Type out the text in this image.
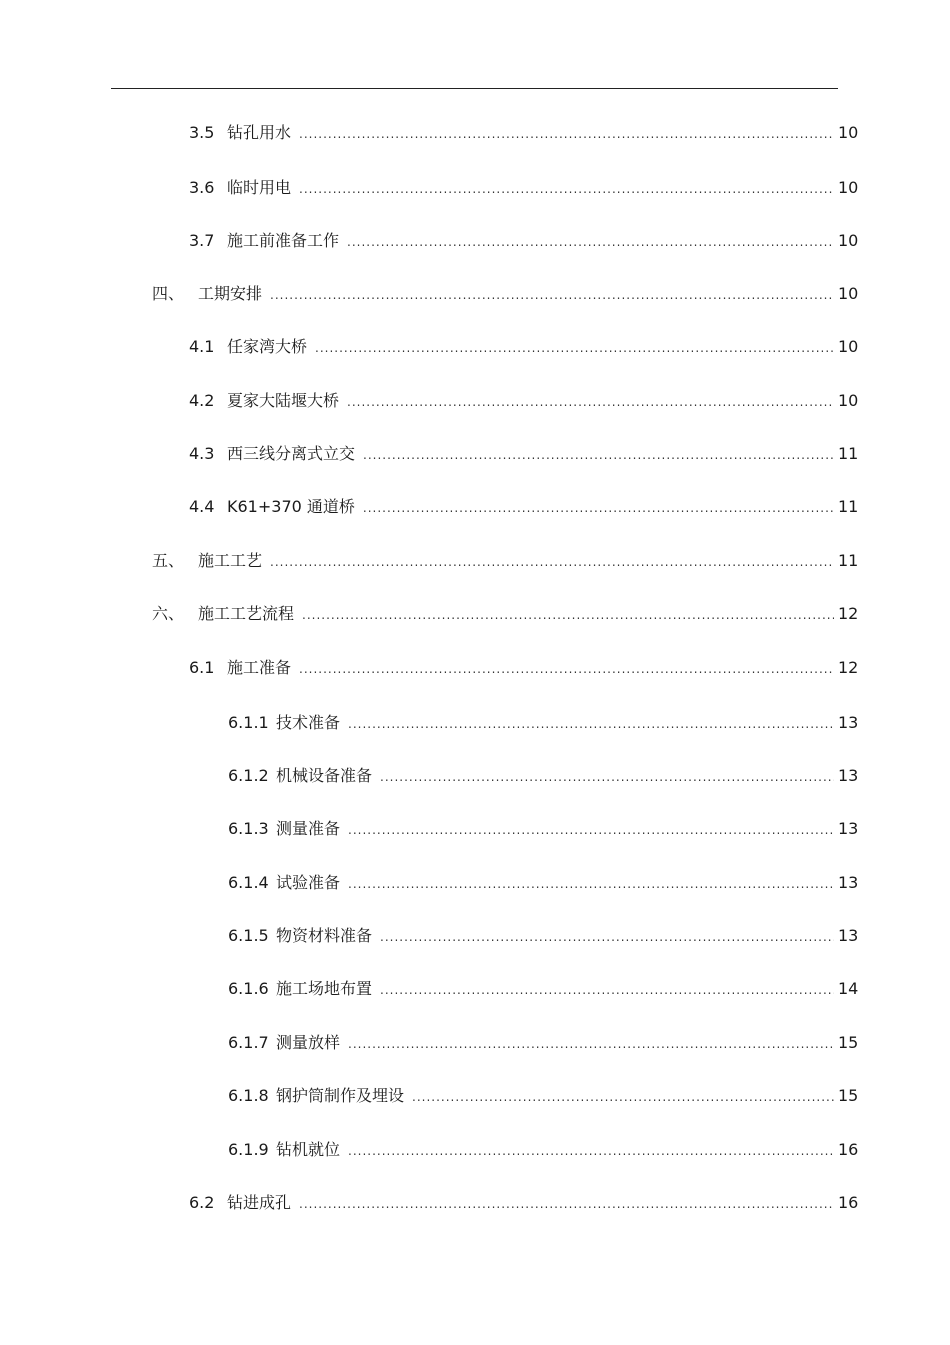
3.5 钻孔用水 .....	10
3.6 临时用电 .....	10
3.7 施工前准备工作 .....	10
四、 工期安排 .....	10
4.1 任家湾大桥 .....	10
4.2 夏家大陆堰大桥 .....	10
4.3 西三线分离式立交 .....	11
4.4 K61+370 通道桥 .....	11
五、 施工工艺 .....	11
六、 施工工艺流程 .....	12
6.1 施工准备 .....	12
6.1.1 技术准备 .....	13
6.1.2 机械设备准备 .....	13
6.1.3 测量准备 .....	13
6.1.4 试验准备 .....	13
6.1.5 物资材料准备 .....	13
6.1.6 施工场地布置 .....	14
6.1.7 测量放样 .....	15
6.1.8 钢护筒制作及埋设 .....	15
6.1.9 钻机就位 .....	16
6.2 钻进成孔 .....	16
